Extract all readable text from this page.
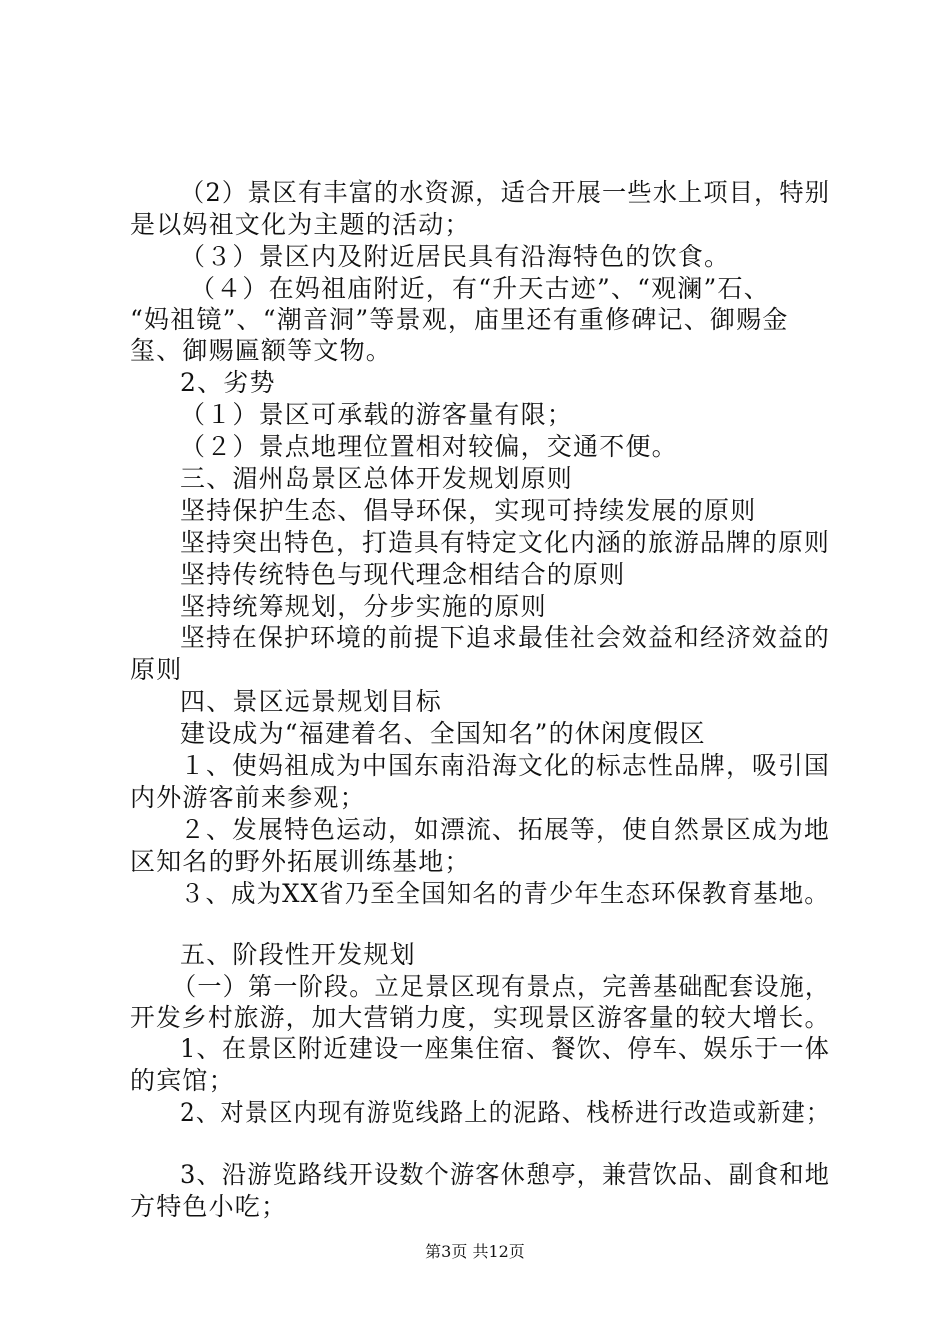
（2）景区有丰富的水资源，适合开展一些水上项目，特别
是以妈祖文化为主题的活动；
（３）景区内及附近居民具有沿海特色的饮食。
（４）在妈祖庙附近，有“升天古迹”、“观澜”石、
“妈祖镜”、“潮音洞”等景观，庙里还有重修碑记、御赐金
玺、御赐匾额等文物。
2、劣势
（１）景区可承载的游客量有限；
（２）景点地理位置相对较偏，交通不便。
三、湄州岛景区总体开发规划原则
坚持保护生态、倡导环保，实现可持续发展的原则
坚持突出特色，打造具有特定文化内涵的旅游品牌的原则
坚持传统特色与现代理念相结合的原则
坚持统筹规划，分步实施的原则
坚持在保护环境的前提下追求最佳社会效益和经济效益的
原则
四、景区远景规划目标
建设成为“福建着名、全国知名”的休闲度假区
１、使妈祖成为中国东南沿海文化的标志性品牌，吸引国
内外游客前来参观；
２、发展特色运动，如漂流、拓展等，使自然景区成为地
区知名的野外拓展训练基地；
３、成为XX省乃至全国知名的青少年生态环保教育基地。
五、阶段性开发规划
（一）第一阶段。立足景区现有景点，完善基础配套设施，
开发乡村旅游，加大营销力度，实现景区游客量的较大增长。
1、在景区附近建设一座集住宿、餐饮、停车、娱乐于一体
的宾馆；
2、对景区内现有游览线路上的泥路、栈桥进行改造或新建；
3、沿游览路线开设数个游客休憩亭，兼营饮品、副食和地
方特色小吃；
第3页 共12页
